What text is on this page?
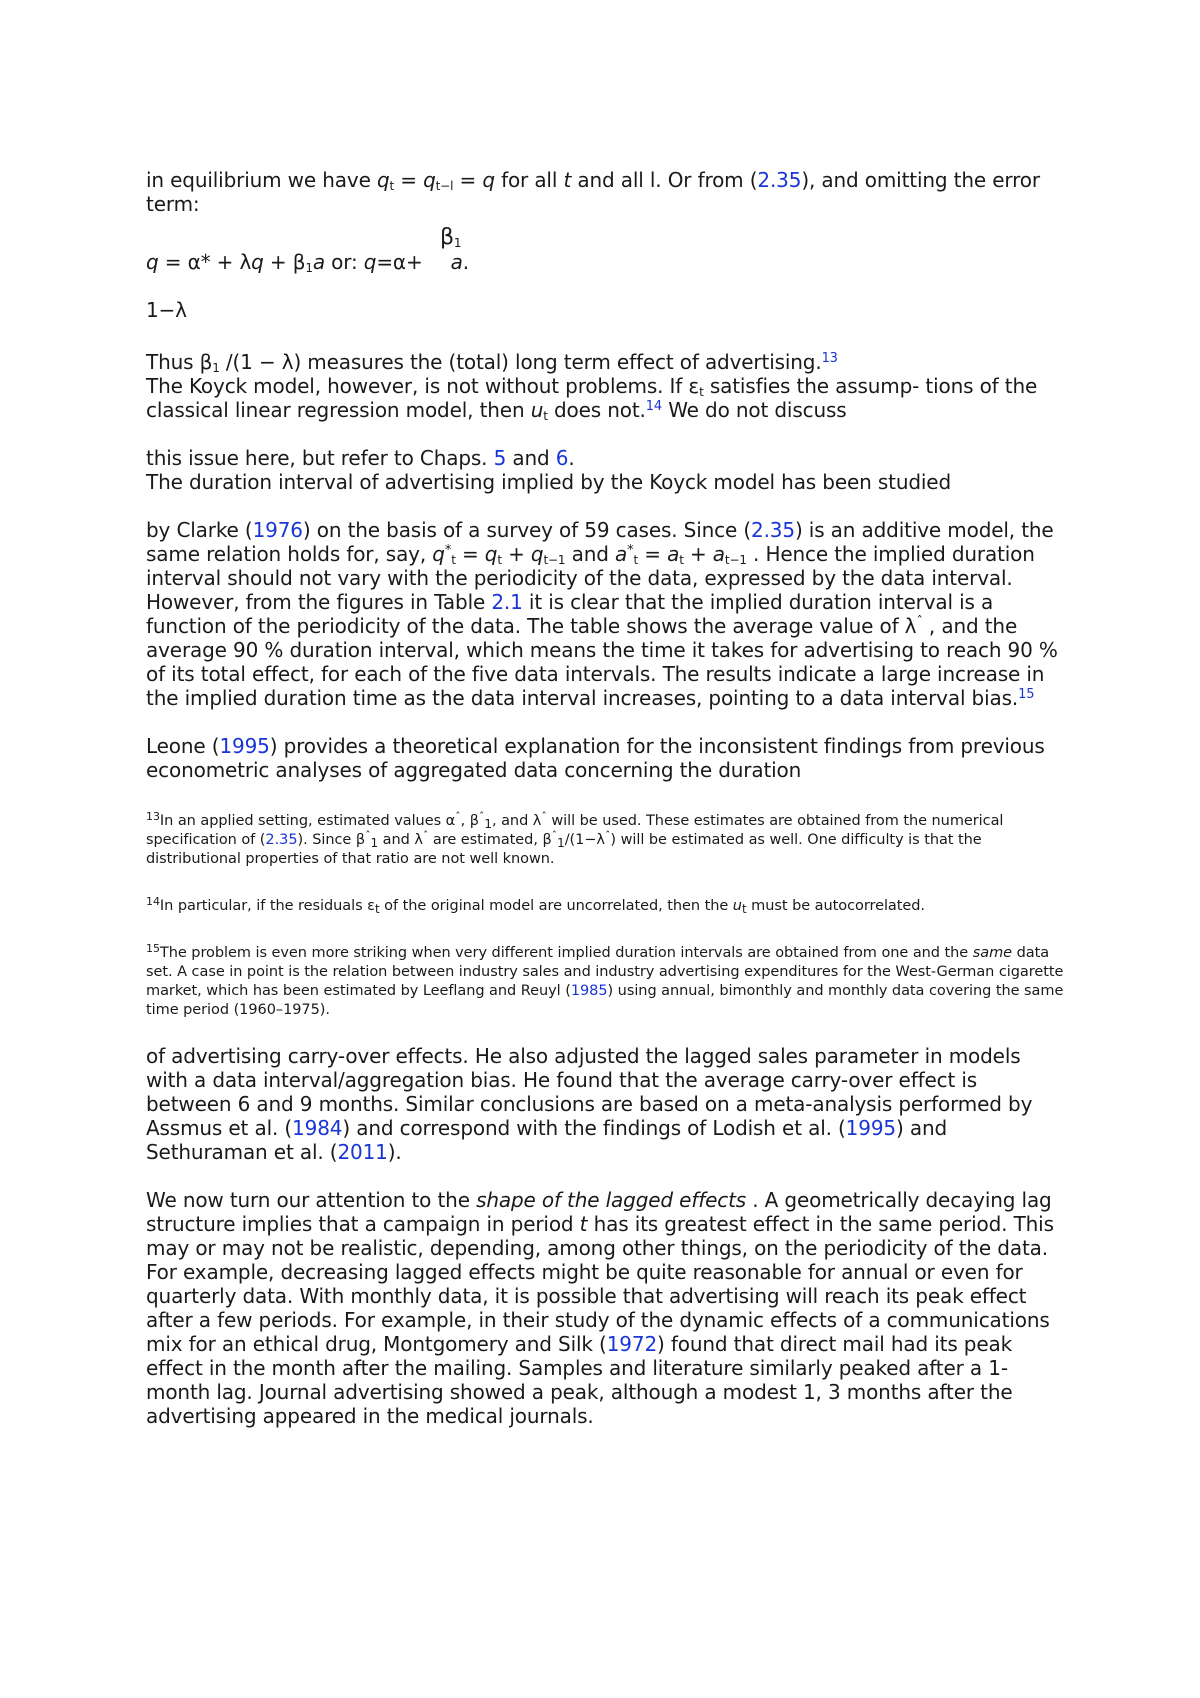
in equilibrium we have $q_t = q_{t-l} = q$ for all t and all l. Or from (2.35), and omitting the error term:

$\beta_1$
$q = \alpha* + \lambda q + \beta_1a$ or: q=α+ a.

1−λ

Thus $\beta_1$ /(1 − λ) measures the (total) long term effect of advertising.$^{13}$

The Koyck model, however, is not without problems. If $\varepsilon_t$ satisfies the assump- tions of the classical linear regression model, then $u_t$ does not.$^{14}$ We do not discuss

this issue here, but refer to Chaps. 5 and 6.

The duration interval of advertising implied by the Koyck model has been studied

by Clarke (1976) on the basis of a survey of 59 cases. Since (2.35) is an additive model, the same relation holds for, say, $q^*_t = q_t + q_{t-1}$ and $a^*_t = a_t + a_{t-1}$ . Hence the implied duration interval should not vary with the periodicity of the data, expressed by the data interval. However, from the figures in Table 2.1 it is clear that the implied duration interval is a function of the periodicity of the data. The table shows the average value of $\lambda^ˆ$ , and the average 90 % duration interval, which means the time it takes for advertising to reach 90 % of its total effect, for each of the five data intervals. The results indicate a large increase in the implied duration time as the data interval increases, pointing to a data interval bias.$^{15}$

Leone (1995) provides a theoretical explanation for the inconsistent findings from previous econometric analyses of aggregated data concerning the duration

$^{13}$In an applied setting, estimated values $\alpha^ˆ$, $\beta^ˆ_1$, and $\lambda^ˆ$ will be used. These estimates are obtained from the numerical specification of (2.35). Since $\beta^ˆ_1$ and $\lambda^ˆ$ are estimated, $\beta^ˆ_1/(1-\lambda^ˆ)$ will be estimated as well. One difficulty is that the distributional properties of that ratio are not well known.

$^{14}$In particular, if the residuals $\varepsilon_t$ of the original model are uncorrelated, then the $u_t$ must be autocorrelated.

$^{15}$The problem is even more striking when very different implied duration intervals are obtained from one and the same data set. A case in point is the relation between industry sales and industry advertising expenditures for the West-German cigarette market, which has been estimated by Leeflang and Reuyl (1985) using annual, bimonthly and monthly data covering the same time period (1960–1975).

of advertising carry-over effects. He also adjusted the lagged sales parameter in models with a data interval/aggregation bias. He found that the average carry-over effect is between 6 and 9 months. Similar conclusions are based on a meta-analysis performed by Assmus et al. (1984) and correspond with the findings of Lodish et al. (1995) and Sethuraman et al. (2011).

We now turn our attention to the shape of the lagged effects . A geometrically decaying lag structure implies that a campaign in period t has its greatest effect in the same period. This may or may not be realistic, depending, among other things, on the periodicity of the data. For example, decreasing lagged effects might be quite reasonable for annual or even for quarterly data. With monthly data, it is possible that advertising will reach its peak effect after a few periods. For example, in their study of the dynamic effects of a communications mix for an ethical drug, Montgomery and Silk (1972) found that direct mail had its peak effect in the month after the mailing. Samples and literature similarly peaked after a 1-month lag. Journal advertising showed a peak, although a modest 1, 3 months after the advertising appeared in the medical journals.
